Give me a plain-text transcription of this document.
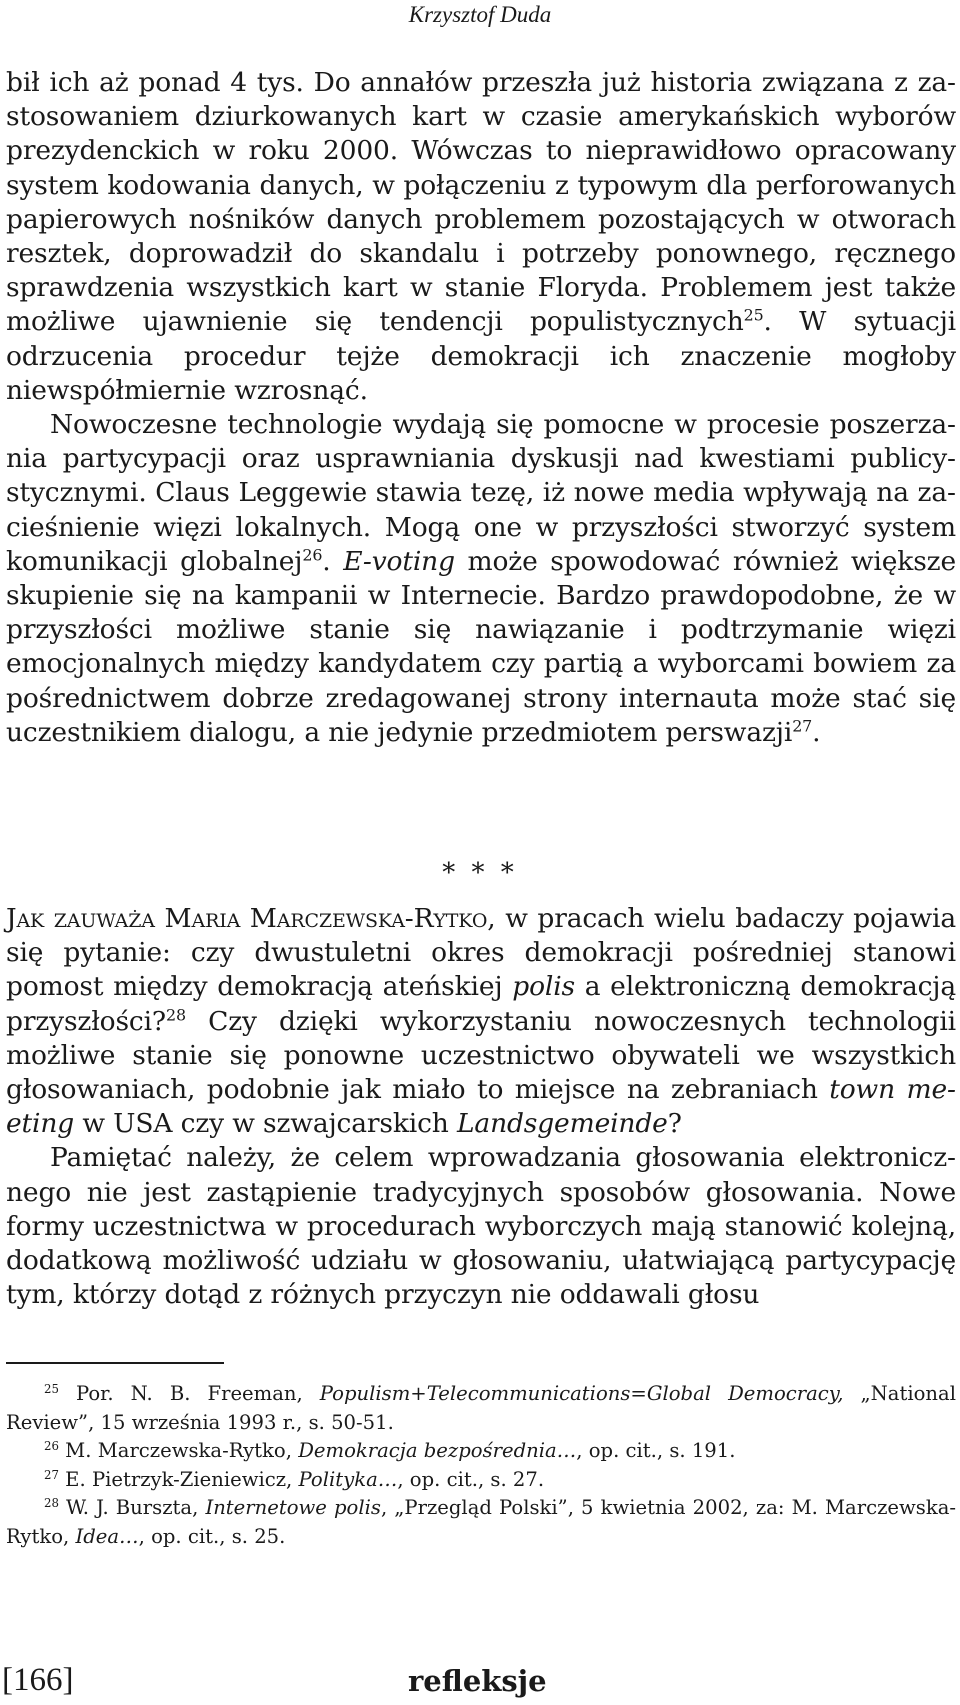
Krzysztof Duda

bił ich aż ponad 4 tys. Do annałów przeszła już historia związana z zastosowaniem dziurkowanych kart w czasie amerykańskich wyborów prezydenckich w roku 2000. Wówczas to nieprawidłowo opracowany system kodowania danych, w połączeniu z typowym dla perforowanych papierowych nośników danych problemem pozostających w otworach resztek, doprowadził do skandalu i potrzeby ponownego, ręcznego sprawdzenia wszystkich kart w stanie Floryda. Problemem jest także możliwe ujawnienie się tendencji populistycznych$^{25}$. W sytuacji odrzucenia procedur tejże demokracji ich znaczenie mogłoby niewspółmiernie wzrosnąć.

Nowoczesne technologie wydają się pomocne w procesie poszerzania partycypacji oraz usprawniania dyskusji nad kwestiami publicystycznymi. Claus Leggewie stawia tezę, iż nowe media wpływają na zacieśnienie więzi lokalnych. Mogą one w przyszłości stworzyć system komunikacji globalnej$^{26}$. E-voting może spowodować również większe skupienie się na kampanii w Internecie. Bardzo prawdopodobne, że w przyszłości możliwe stanie się nawiązanie i podtrzymanie więzi emocjonalnych między kandydatem czy partią a wyborcami bowiem za pośrednictwem dobrze zredagowanej strony internauta może stać się uczestnikiem dialogu, a nie jedynie przedmiotem perswazji$^{27}$.

* * *

Jak zauważa Maria Marczewska-Rytko, w pracach wielu badaczy pojawia się pytanie: czy dwustuletni okres demokracji pośredniej stanowi pomost między demokracją ateńskiej polis a elektroniczną demokracją przyszłości?$^{28}$ Czy dzięki wykorzystaniu nowoczesnych technologii możliwe stanie się ponowne uczestnictwo obywateli we wszystkich głosowaniach, podobnie jak miało to miejsce na zebraniach town meeting w USA czy w szwajcarskich Landsgemeinde?

Pamiętać należy, że celem wprowadzania głosowania elektronicznego nie jest zastąpienie tradycyjnych sposobów głosowania. Nowe formy uczestnictwa w procedurach wyborczych mają stanowić kolejną, dodatkową możliwość udziału w głosowaniu, ułatwiającą partycypację tym, którzy dotąd z różnych przyczyn nie oddawali głosu

$^{25}$ Por. N. B. Freeman, Populism+Telecommunications=Global Democracy, „National Review”, 15 września 1993 r., s. 50-51.

$^{26}$ M. Marczewska-Rytko, Demokracja bezpośrednia…, op. cit., s. 191.

$^{27}$ E. Pietrzyk-Zieniewicz, Polityka…, op. cit., s. 27.

$^{28}$ W. J. Bursztа, Internetowe polis, „Przegląd Polski”, 5 kwietnia 2002, za: M. Marczewska-Rytko, Idea…, op. cit., s. 25.

[166]	refleksje
